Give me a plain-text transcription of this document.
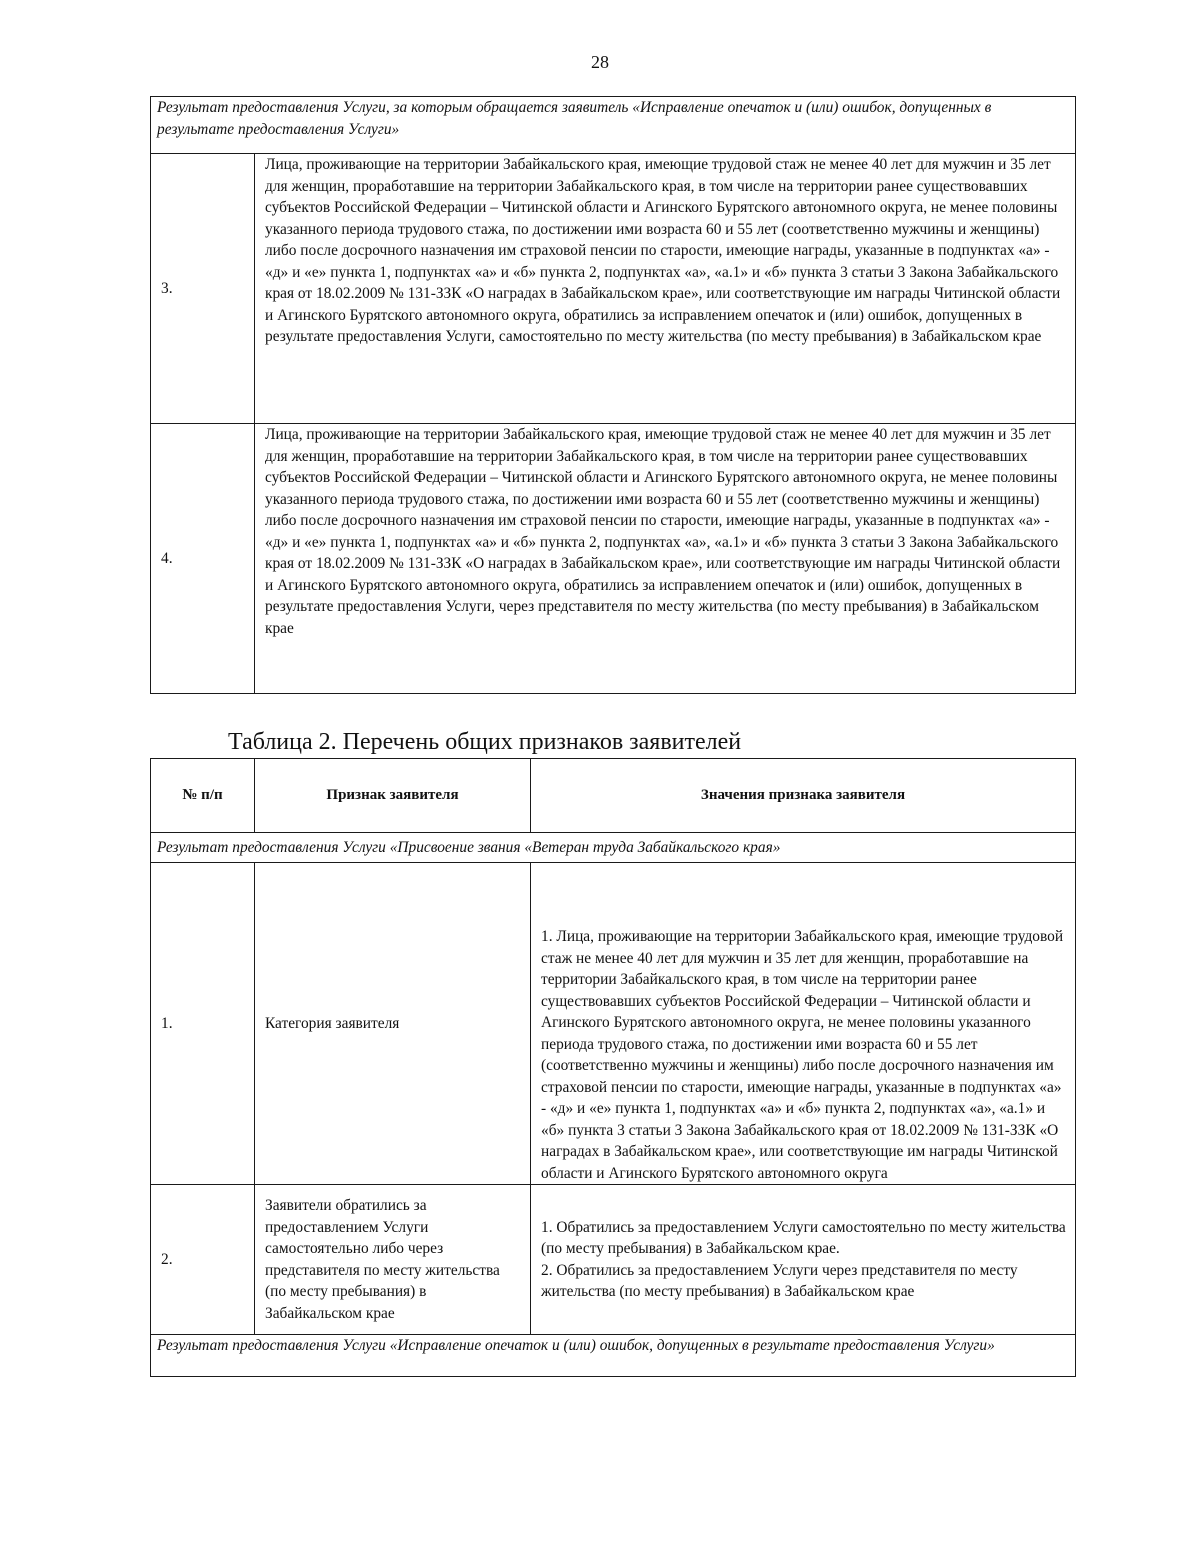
28
Результат предоставления Услуги, за которым обращается заявитель «Исправление опечаток и (или) ошибок, допущенных в результате предоставления Услуги»	
3.	Лица, проживающие на территории Забайкальского края, имеющие трудовой стаж не менее 40 лет для мужчин и 35 лет для женщин, проработавшие на территории Забайкальского края, в том числе на территории ранее существовавших субъектов Российской Федерации – Читинской области и Агинского Бурятского автономного округа, не менее половины указанного периода трудового стажа, по достижении ими возраста 60 и 55 лет (соответственно мужчины и женщины) либо после досрочного назначения им страховой пенсии по старости, имеющие награды, указанные в подпунктах «а» - «д» и «е» пункта 1, подпунктах «а» и «б» пункта 2, подпунктах «а», «а.1» и «б» пункта 3 статьи 3 Закона Забайкальского края от 18.02.2009 № 131-ЗЗК «О наградах в Забайкальском крае», или соответствующие им награды Читинской области и Агинского Бурятского автономного округа, обратились за исправлением опечаток и (или) ошибок, допущенных в результате предоставления Услуги, самостоятельно по месту жительства (по месту пребывания) в Забайкальском крае
4.	Лица, проживающие на территории Забайкальского края, имеющие трудовой стаж не менее 40 лет для мужчин и 35 лет для женщин, проработавшие на территории Забайкальского края, в том числе на территории ранее существовавших субъектов Российской Федерации – Читинской области и Агинского Бурятского автономного округа, не менее половины указанного периода трудового стажа, по достижении ими возраста 60 и 55 лет (соответственно мужчины и женщины) либо после досрочного назначения им страховой пенсии по старости, имеющие награды, указанные в подпунктах «а» - «д» и «е» пункта 1, подпунктах «а» и «б» пункта 2, подпунктах «а», «а.1» и «б» пункта 3 статьи 3 Закона Забайкальского края от 18.02.2009 № 131-ЗЗК «О наградах в Забайкальском крае», или соответствующие им награды Читинской области и Агинского Бурятского автономного округа, обратились за исправлением опечаток и (или) ошибок, допущенных в результате предоставления Услуги, через представителя по месту жительства (по месту пребывания) в Забайкальском крае
Таблица 2. Перечень общих признаков заявителей
№ п/п	Признак заявителя	Значения признака заявителя
Результат предоставления Услуги «Присвоение звания «Ветеран труда Забайкальского края»		
1.	Категория заявителя	1. Лица, проживающие на территории Забайкальского края, имеющие трудовой стаж не менее 40 лет для мужчин и 35 лет для женщин, проработавшие на территории Забайкальского края, в том числе на территории ранее существовавших субъектов Российской Федерации – Читинской области и Агинского Бурятского автономного округа, не менее половины указанного периода трудового стажа, по достижении ими возраста 60 и 55 лет (соответственно мужчины и женщины) либо после досрочного назначения им страховой пенсии по старости, имеющие награды, указанные в подпунктах «а» - «д» и «е» пункта 1, подпунктах «а» и «б» пункта 2, подпунктах «а», «а.1» и «б» пункта 3 статьи 3 Закона Забайкальского края от 18.02.2009 № 131-ЗЗК «О наградах в Забайкальском крае», или соответствующие им награды Читинской области и Агинского Бурятского автономного округа
2.	Заявители обратились за предоставлением Услуги самостоятельно либо через представителя по месту жительства (по месту пребывания) в Забайкальском крае	1. Обратились за предоставлением Услуги самостоятельно по месту жительства (по месту пребывания) в Забайкальском крае.
2. Обратились за предоставлением Услуги через представителя по месту жительства (по месту пребывания) в Забайкальском крае

Результат предоставления Услуги «Исправление опечаток и (или) ошибок, допущенных в результате предоставления Услуги»		
